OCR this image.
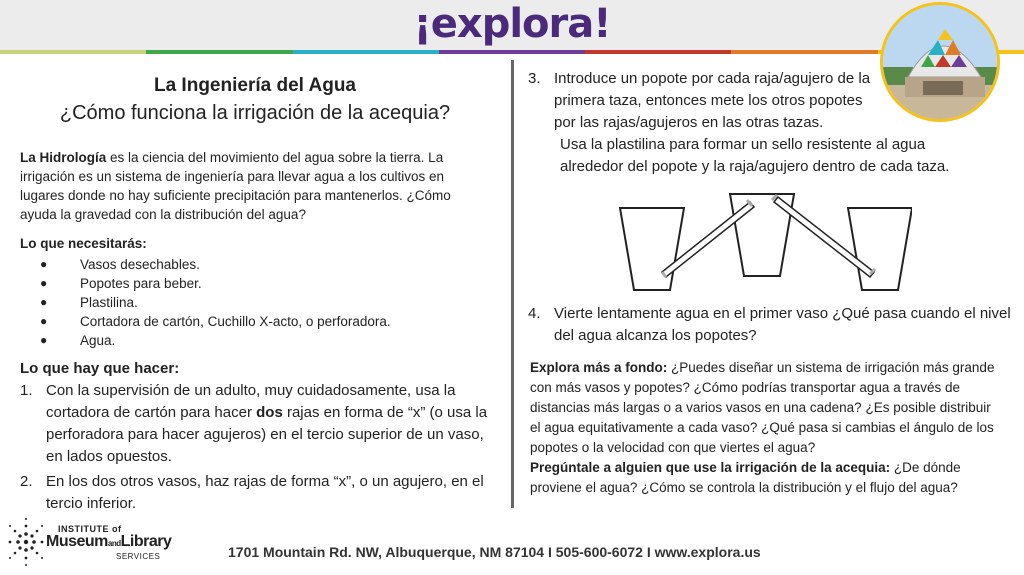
¡explora!

La Ingeniería del Agua

¿Cómo funciona la irrigación de la acequia?

La Hidrología es la ciencia del movimiento del agua sobre la tierra. La irrigación es un sistema de ingeniería para llevar agua a los cultivos en lugares donde no hay suficiente precipitación para mantenerlos. ¿Cómo ayuda la gravedad con la distribución del agua?

Lo que necesitarás:

● Vasos desechables.
● Popotes para beber.
● Plastilina.
● Cortadora de cartón, Cuchillo X-acto, o perforadora.
● Agua.

Lo que hay que hacer:

1. Con la supervisión de un adulto, muy cuidadosamente, usa la cortadora de cartón para hacer dos rajas en forma de “x” (o usa la perforadora para hacer agujeros) en el tercio superior de un vaso, en lados opuestos.
2. En los dos otros vasos, haz rajas de forma “x”, o un agujero, en el tercio inferior.
3. Introduce un popote por cada raja/agujero de la primera taza, entonces mete los otros popotes por las rajas/agujeros en las otras tazas.
Usa la plastilina para formar un sello resistente al agua alrededor del popote y la raja/agujero dentro de cada taza.
4. Vierte lentamente agua en el primer vaso ¿Qué pasa cuando el nivel del agua alcanza los popotes?
Explora más a fondo: ¿Puedes diseñar un sistema de irrigación más grande con más vasos y popotes? ¿Cómo podrías transportar agua a través de distancias más largas o a varios vasos en una cadena? ¿Es posible distribuir el agua equitativamente a cada vaso? ¿Qué pasa si cambias el ángulo de los popotes o la velocidad con que viertes el agua?
Pregúntale a alguien que use la irrigación de la acequia: ¿De dónde proviene el agua? ¿Cómo se controla la distribución y el flujo del agua?
INSTITUTE of
MuseumandLibrary
SERVICES	1701 Mountain Rd. NW, Albuquerque, NM 87104 I 505-600-6072 I www.explora.us
